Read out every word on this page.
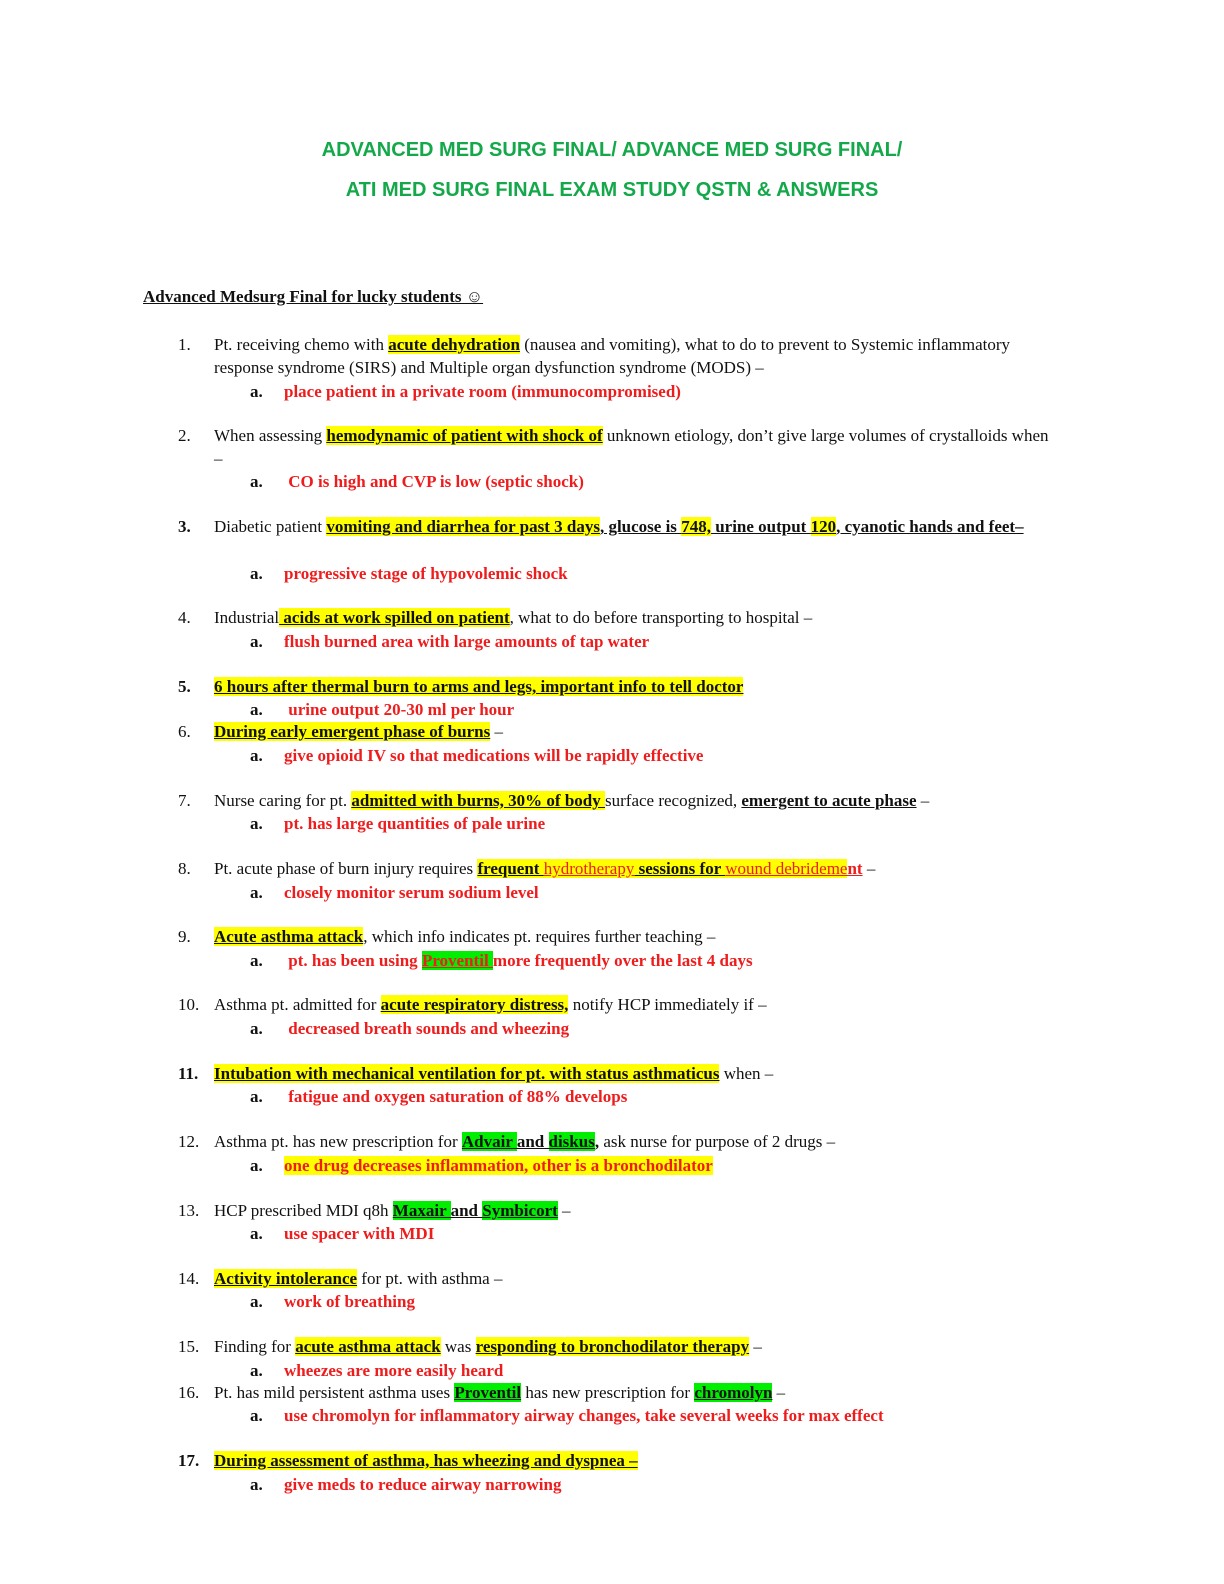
ADVANCED MED SURG FINAL/ ADVANCE MED SURG FINAL/
ATI MED SURG FINAL EXAM STUDY QSTN & ANSWERS
Advanced Medsurg Final for lucky students ☺
1. Pt. receiving chemo with acute dehydration (nausea and vomiting), what to do to prevent to Systemic inflammatory response syndrome (SIRS) and Multiple organ dysfunction syndrome (MODS) –
a. place patient in a private room (immunocompromised)
2. When assessing hemodynamic of patient with shock of unknown etiology, don’t give large volumes of crystalloids when –
a. CO is high and CVP is low (septic shock)
3. Diabetic patient vomiting and diarrhea for past 3 days, glucose is 748, urine output 120, cyanotic hands and feet–
a. progressive stage of hypovolemic shock
4. Industrial acids at work spilled on patient, what to do before transporting to hospital –
a. flush burned area with large amounts of tap water
5. 6 hours after thermal burn to arms and legs, important info to tell doctor
a. urine output 20-30 ml per hour
6. During early emergent phase of burns –
a. give opioid IV so that medications will be rapidly effective
7. Nurse caring for pt. admitted with burns, 30% of body surface recognized, emergent to acute phase –
a. pt. has large quantities of pale urine
8. Pt. acute phase of burn injury requires frequent hydrotherapy sessions for wound debridement –
a. closely monitor serum sodium level
9. Acute asthma attack, which info indicates pt. requires further teaching –
a. pt. has been using Proventil more frequently over the last 4 days
10. Asthma pt. admitted for acute respiratory distress, notify HCP immediately if –
a. decreased breath sounds and wheezing
11. Intubation with mechanical ventilation for pt. with status asthmaticus when –
a. fatigue and oxygen saturation of 88% develops
12. Asthma pt. has new prescription for Advair and diskus, ask nurse for purpose of 2 drugs –
a. one drug decreases inflammation, other is a bronchodilator
13. HCP prescribed MDI q8h Maxair and Symbicort –
a. use spacer with MDI
14. Activity intolerance for pt. with asthma –
a. work of breathing
15. Finding for acute asthma attack was responding to bronchodilator therapy –
a. wheezes are more easily heard
16. Pt. has mild persistent asthma uses Proventil has new prescription for chromolyn –
a. use chromolyn for inflammatory airway changes, take several weeks for max effect
17. During assessment of asthma, has wheezing and dyspnea –
a. give meds to reduce airway narrowing
